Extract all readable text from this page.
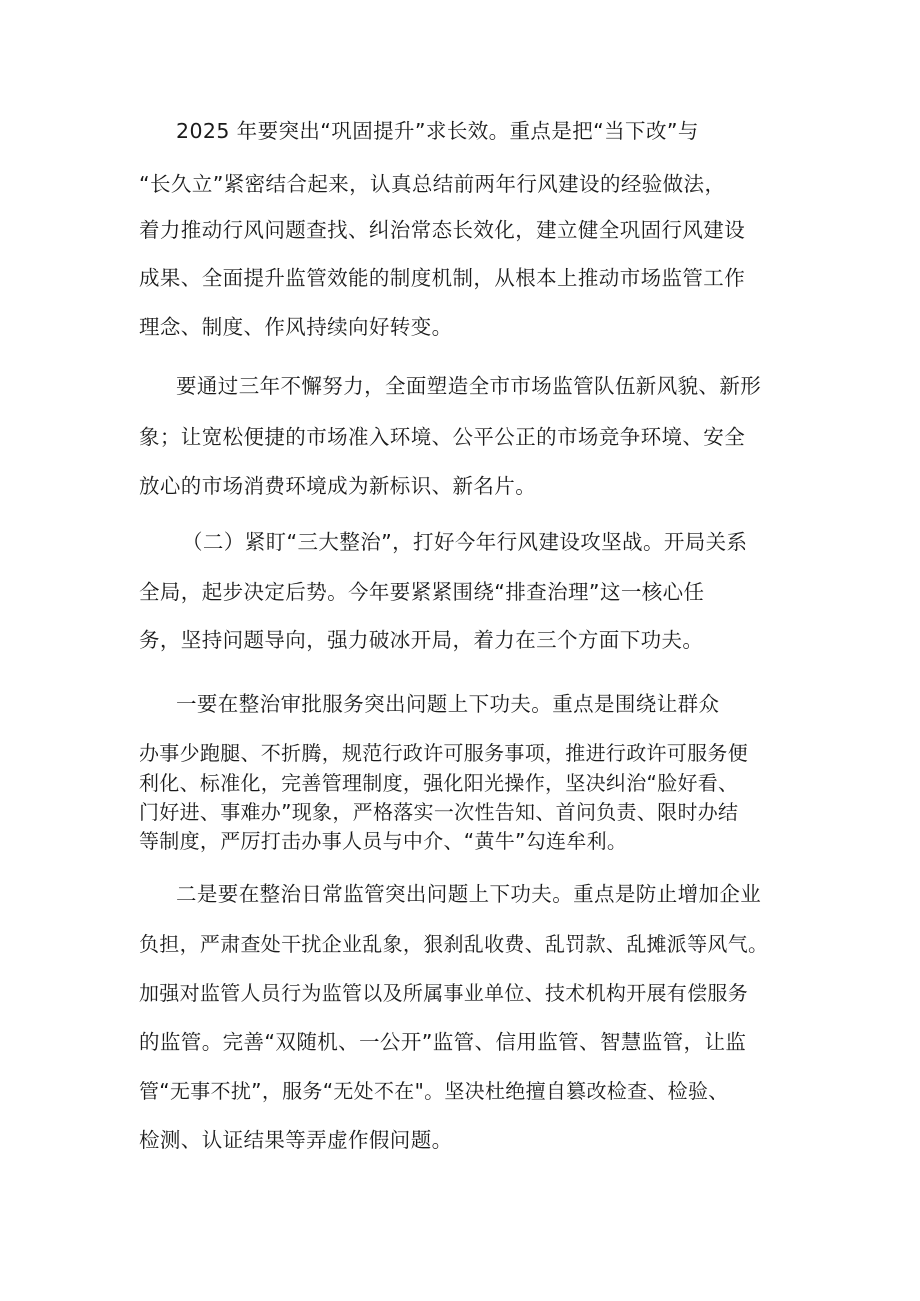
2025 年要突出“巩固提升”求长效。重点是把“当下改”与
“长久立”紧密结合起来，认真总结前两年行风建设的经验做法，
着力推动行风问题查找、纠治常态长效化，建立健全巩固行风建设
成果、全面提升监管效能的制度机制，从根本上推动市场监管工作
理念、制度、作风持续向好转变。
要通过三年不懈努力，全面塑造全市市场监管队伍新风貌、新形
象；让宽松便捷的市场准入环境、公平公正的市场竞争环境、安全
放心的市场消费环境成为新标识、新名片。
（二）紧盯“三大整治”，打好今年行风建设攻坚战。开局关系
全局，起步决定后势。今年要紧紧围绕“排查治理”这一核心任
务，坚持问题导向，强力破冰开局，着力在三个方面下功夫。
一要在整治审批服务突出问题上下功夫。重点是围绕让群众
办事少跑腿、不折腾，规范行政许可服务事项，推进行政许可服务便
利化、标准化，完善管理制度，强化阳光操作，坚决纠治“脸好看、
门好进、事难办”现象，严格落实一次性告知、首问负责、限时办结
等制度，严厉打击办事人员与中介、“黄牛”勾连牟利。
二是要在整治日常监管突出问题上下功夫。重点是防止增加企业
负担，严肃查处干扰企业乱象，狠刹乱收费、乱罚款、乱摊派等风气。
加强对监管人员行为监管以及所属事业单位、技术机构开展有偿服务
的监管。完善“双随机、一公开”监管、信用监管、智慧监管，让监
管“无事不扰”，服务“无处不在"。坚决杜绝擅自篡改检查、检验、
检测、认证结果等弄虚作假问题。
